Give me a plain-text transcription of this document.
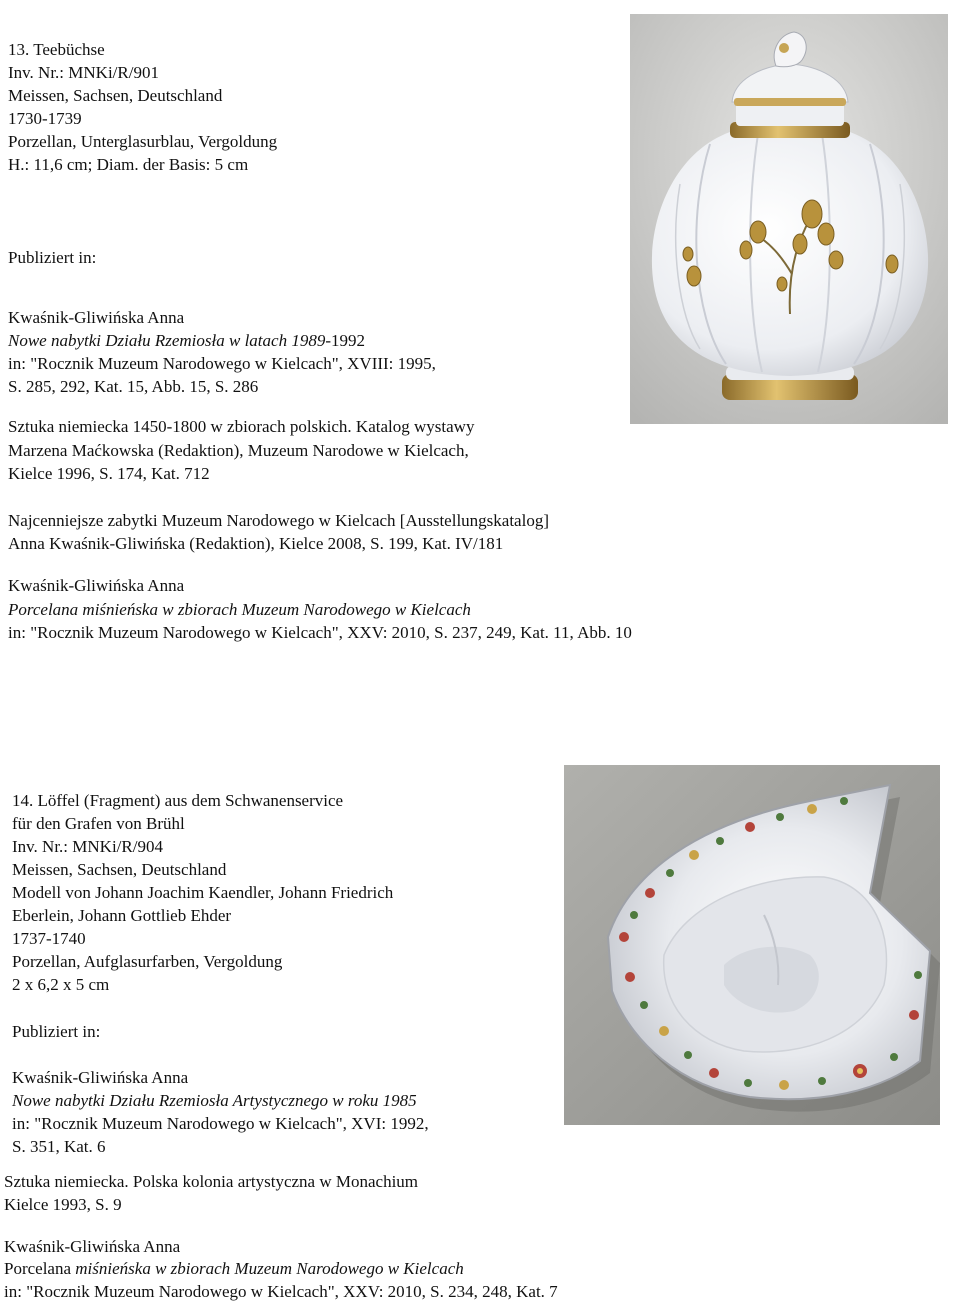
13. Teebüchse
Inv. Nr.: MNKi/R/901
Meissen, Sachsen, Deutschland
1730-1739
Porzellan, Unterglasurblau, Vergoldung
H.: 11,6 cm; Diam. der Basis: 5 cm
Publiziert in:
Kwaśnik-Gliwińska Anna
Nowe nabytki Działu Rzemiosła w latach 1989-1992
in: "Rocznik Muzeum Narodowego w Kielcach", XVIII: 1995,
S. 285, 292, Kat. 15, Abb. 15, S. 286
Sztuka niemiecka 1450-1800 w zbiorach polskich. Katalog wystawy
Marzena Maćkowska (Redaktion), Muzeum Narodowe w Kielcach,
Kielce 1996, S. 174, Kat. 712
Najcenniejsze zabytki Muzeum Narodowego w Kielcach [Ausstellungskatalog]
Anna Kwaśnik-Gliwińska (Redaktion), Kielce 2008, S. 199, Kat. IV/181
Kwaśnik-Gliwińska Anna
Porcelana miśnieńska w zbiorach Muzeum Narodowego w Kielcach
in: "Rocznik Muzeum Narodowego w Kielcach", XXV: 2010, S. 237, 249, Kat. 11, Abb. 10
14. Löffel (Fragment) aus dem Schwanenservice
für den Grafen von Brühl
Inv. Nr.: MNKi/R/904
Meissen, Sachsen, Deutschland
Modell von Johann Joachim Kaendler, Johann Friedrich
Eberlein, Johann Gottlieb Ehder
1737-1740
Porzellan, Aufglasurfarben, Vergoldung
2 x 6,2 x 5 cm
Publiziert in:
Kwaśnik-Gliwińska Anna
Nowe nabytki Działu Rzemiosła Artystycznego w roku 1985
in: "Rocznik Muzeum Narodowego w Kielcach", XVI: 1992,
S. 351, Kat. 6
Sztuka niemiecka. Polska kolonia artystyczna w Monachium
Kielce 1993, S. 9
Kwaśnik-Gliwińska Anna
Porcelana miśnieńska w zbiorach Muzeum Narodowego w Kielcach
in: "Rocznik Muzeum Narodowego w Kielcach", XXV: 2010, S. 234, 248, Kat. 7
